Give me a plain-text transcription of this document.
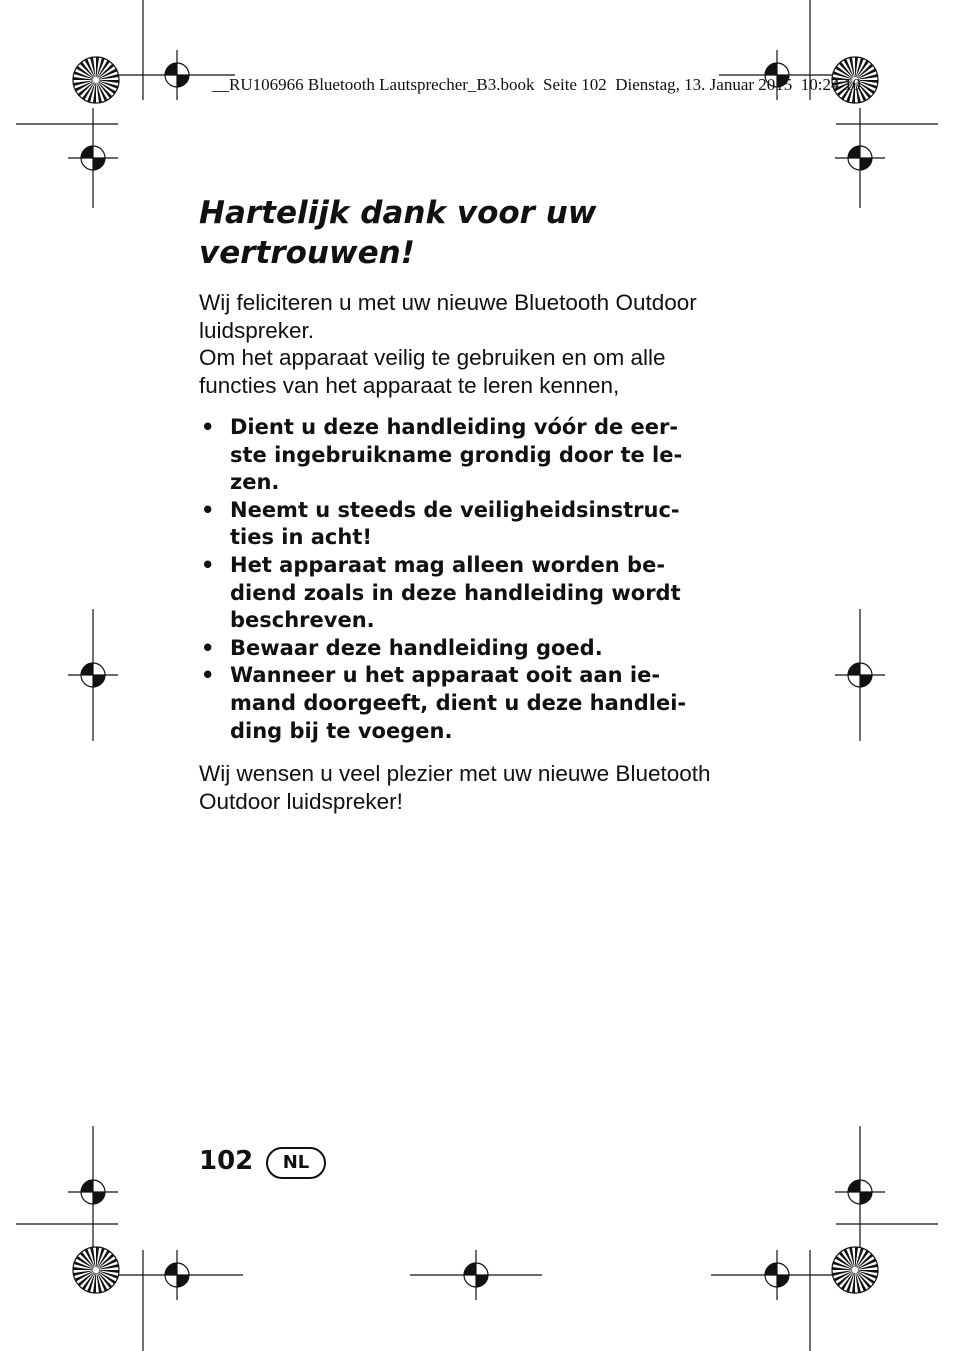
__RU106966 Bluetooth Lautsprecher_B3.book  Seite 102  Dienstag, 13. Januar 2015  10:24 10
Hartelijk dank voor uw
vertrouwen!
Wij feliciteren u met uw nieuwe Bluetooth Outdoor
luidspreker.
Om het apparaat veilig te gebruiken en om alle
functies van het apparaat te leren kennen,
• Dient u deze handleiding vóór de eer-
ste ingebruikname grondig door te le-
zen.
• Neemt u steeds de veiligheidsinstruc-
ties in acht!
• Het apparaat mag alleen worden be-
diend zoals in deze handleiding wordt
beschreven.
• Bewaar deze handleiding goed.
• Wanneer u het apparaat ooit aan ie-
mand doorgeeft, dient u deze handlei-
ding bij te voegen.
Wij wensen u veel plezier met uw nieuwe Bluetooth
Outdoor luidspreker!
102	NL
